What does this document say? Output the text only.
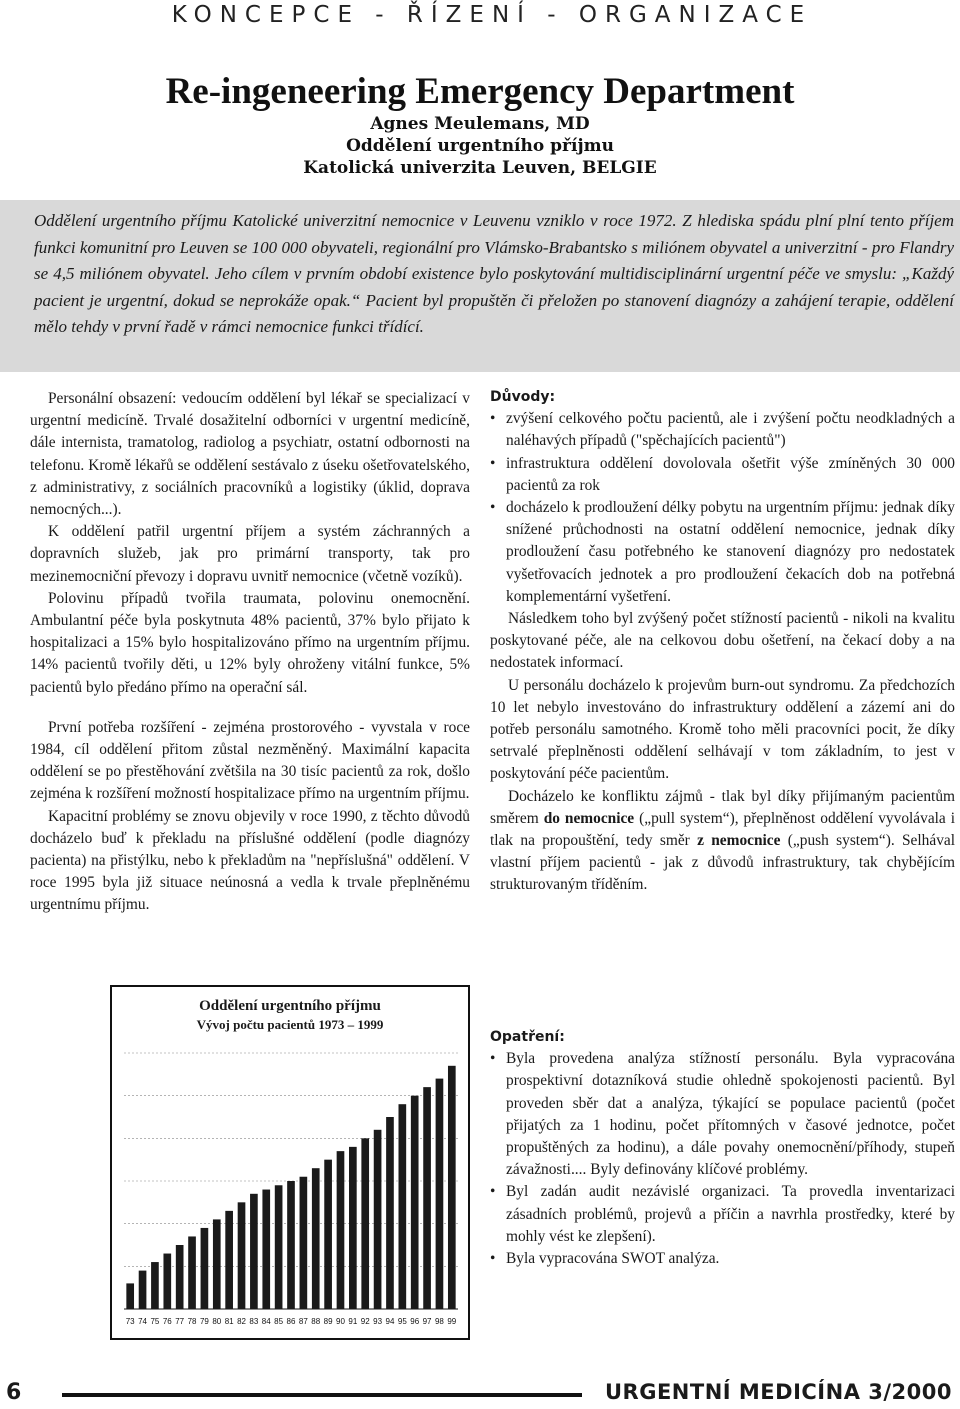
KONCEPCE - ŘÍZENÍ - ORGANIZACE
Re-ingeneering Emergency Department
Agnes Meulemans, MD
Oddělení urgentního příjmu
Katolická univerzita Leuven, BELGIE
Oddělení urgentního příjmu Katolické univerzitní nemocnice v Leuvenu vzniklo v roce 1972. Z hlediska spádu plní plní tento příjem funkci komunitní pro Leuven se 100 000 obyvateli, regionální pro Vlámsko-Brabantsko s miliónem obyvatel a univerzitní - pro Flandry se 4,5 miliónem obyvatel. Jeho cílem v prvním období existence bylo poskytování multidisciplinární urgentní péče ve smyslu: „Každý pacient je urgentní, dokud se neprokáže opak.“ Pacient byl propuštěn či přeložen po stanovení diagnózy a zahájení terapie, oddělení mělo tehdy v první řadě v rámci nemocnice funkci třídící.

Personální obsazení: vedoucím oddělení byl lékař se specializací v urgentní medicíně. Trvalé dosažitelní odborníci v urgentní medicíně, dále internista, tramatolog, radiolog a psychiatr, ostatní odbornosti na telefonu. Kromě lékařů se oddělení sestávalo z úseku ošetřovatelského, z administrativy, z sociálních pracovníků a logistiky (úklid, doprava nemocných...).

K oddělení patřil urgentní příjem a systém záchranných a dopravních služeb, jak pro primární transporty, tak pro mezinemocniční převozy i dopravu uvnitř nemocnice (včetně vozíků).

Polovinu případů tvořila traumata, polovinu onemocnění. Ambulantní péče byla poskytnuta 48% pacientů, 37% bylo přijato k hospitalizaci a 15% bylo hospitalizováno přímo na urgentním příjmu. 14% pacientů tvořily děti, u 12% byly ohroženy vitální funkce, 5% pacientů bylo předáno přímo na operační sál.

První potřeba rozšíření - zejména prostorového - vyvstala v roce 1984, cíl oddělení přitom zůstal nezměněný. Maximální kapacita oddělení se po přestěhování zvětšila na 30 tisíc pacientů za rok, došlo zejména k rozšíření možností hospitalizace přímo na urgentním příjmu.

Kapacitní problémy se znovu objevily v roce 1990, z těchto důvodů docházelo buď k překladu na příslušné oddělení (podle diagnózy pacienta) na přistýlku, nebo k překladům na "nepříslušná" oddělení. V roce 1995 byla již situace neúnosná a vedla k trvale přeplněnému urgentnímu příjmu.

Důvody:

• zvýšení celkového počtu pacientů, ale i zvýšení počtu neodkladných a naléhavých případů ("spěchajících pacientů")
• infrastruktura oddělení dovolovala ošetřit výše zmíněných 30 000 pacientů za rok
• docházelo k prodloužení délky pobytu na urgentním příjmu: jednak díky snížené průchodnosti na ostatní oddělení nemocnice, jednak díky prodloužení času potřebného ke stanovení diagnózy pro nedostatek vyšetřovacích jednotek a pro prodloužení čekacích dob na potřebná komplementární vyšetření.

Následkem toho byl zvýšený počet stížností pacientů - nikoli na kvalitu poskytované péče, ale na celkovou dobu ošetření, na čekací doby a na nedostatek informací.

U personálu docházelo k projevům burn-out syndromu. Za předchozích 10 let nebylo investováno do infrastruktury oddělení a zázemí ani do potřeb personálu samotného. Kromě toho měli pracovníci pocit, že díky setrvalé přeplněnosti oddělení selhávají v tom základním, to jest v poskytování péče pacientům.

Docházelo ke konfliktu zájmů - tlak byl díky přijímaným pacientům směrem do nemocnice („pull system“), přeplněnost oddělení vyvolávala i tlak na propouštění, tedy směr z nemocnice („push system“). Selhával vlastní příjem pacientů - jak z důvodů infrastruktury, tak chybějícím strukturovaným tříděním.

Opatření:

• Byla provedena analýza stížností personálu. Byla vypracována prospektivní dotazníková studie ohledně spokojenosti pacientů. Byl proveden sběr dat a analýza, týkající se populace pacientů (počet přijatých za 1 hodinu, počet přítomných v časové jednotce, počet propuštěných za hodinu), a dále povahy onemocnění/příhody, stupeň závažnosti.... Byly definovány klíčové problémy.
• Byl zadán audit nezávislé organizaci. Ta provedla inventarizaci zásadních problémů, projevů a příčin a navrhla prostředky, které by mohly vést ke zlepšení).
• Byla vypracována SWOT analýza.
Oddělení urgentního příjmu
Vývoj počtu pacientů 1973 – 1999
73 74 75 76 77 78 79 80 81 82 83 84 85 86 87 88 89 90 91 92 93 94 95 96 97 98 99
6	URGENTNÍ MEDICÍNA 3/2000
